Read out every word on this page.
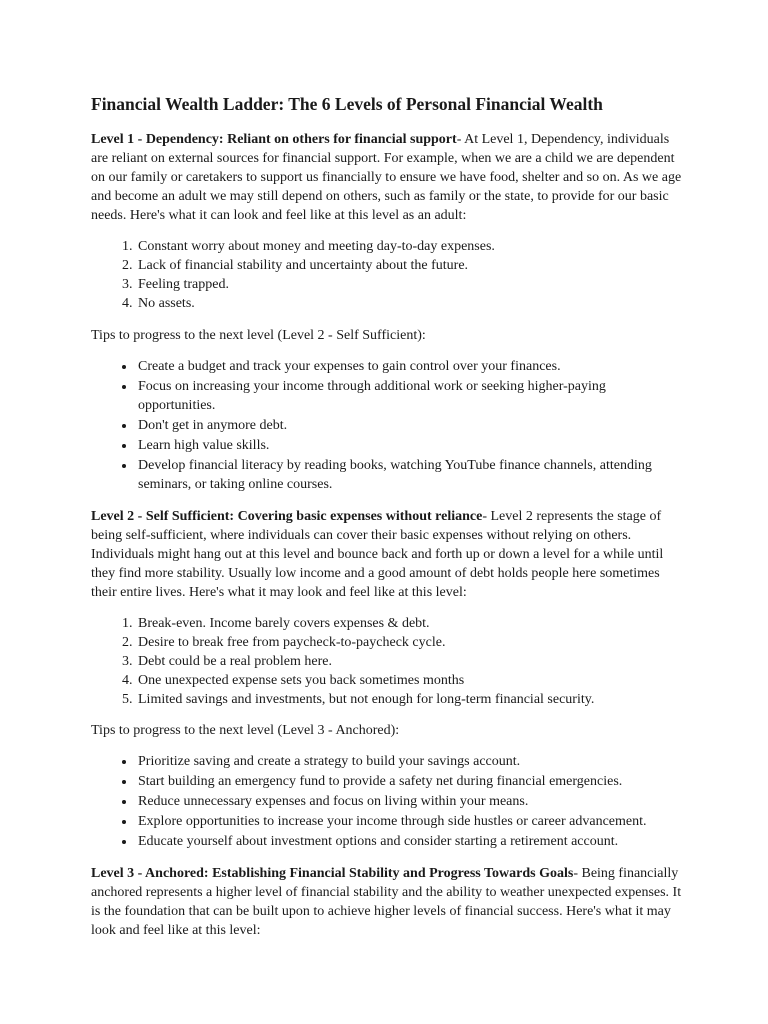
Financial Wealth Ladder: The 6 Levels of Personal Financial Wealth

Level 1 - Dependency: Reliant on others for financial support- At Level 1, Dependency, individuals are reliant on external sources for financial support. For example, when we are a child we are dependent on our family or caretakers to support us financially to ensure we have food, shelter and so on. As we age and become an adult we may still depend on others, such as family or the state, to provide for our basic needs. Here's what it can look and feel like at this level as an adult:

1. Constant worry about money and meeting day-to-day expenses.
2. Lack of financial stability and uncertainty about the future.
3. Feeling trapped.
4. No assets.

Tips to progress to the next level (Level 2 - Self Sufficient):

• Create a budget and track your expenses to gain control over your finances.
• Focus on increasing your income through additional work or seeking higher-paying opportunities.
• Don't get in anymore debt.
• Learn high value skills.
• Develop financial literacy by reading books, watching YouTube finance channels, attending seminars, or taking online courses.

Level 2 - Self Sufficient: Covering basic expenses without reliance- Level 2 represents the stage of being self-sufficient, where individuals can cover their basic expenses without relying on others. Individuals might hang out at this level and bounce back and forth up or down a level for a while until they find more stability. Usually low income and a good amount of debt holds people here sometimes their entire lives. Here's what it may look and feel like at this level:

1. Break-even. Income barely covers expenses & debt.
2. Desire to break free from paycheck-to-paycheck cycle.
3. Debt could be a real problem here.
4. One unexpected expense sets you back sometimes months
5. Limited savings and investments, but not enough for long-term financial security.

Tips to progress to the next level (Level 3 - Anchored):

• Prioritize saving and create a strategy to build your savings account.
• Start building an emergency fund to provide a safety net during financial emergencies.
• Reduce unnecessary expenses and focus on living within your means.
• Explore opportunities to increase your income through side hustles or career advancement.
• Educate yourself about investment options and consider starting a retirement account.

Level 3 - Anchored: Establishing Financial Stability and Progress Towards Goals- Being financially anchored represents a higher level of financial stability and the ability to weather unexpected expenses. It is the foundation that can be built upon to achieve higher levels of financial success. Here's what it may look and feel like at this level:
